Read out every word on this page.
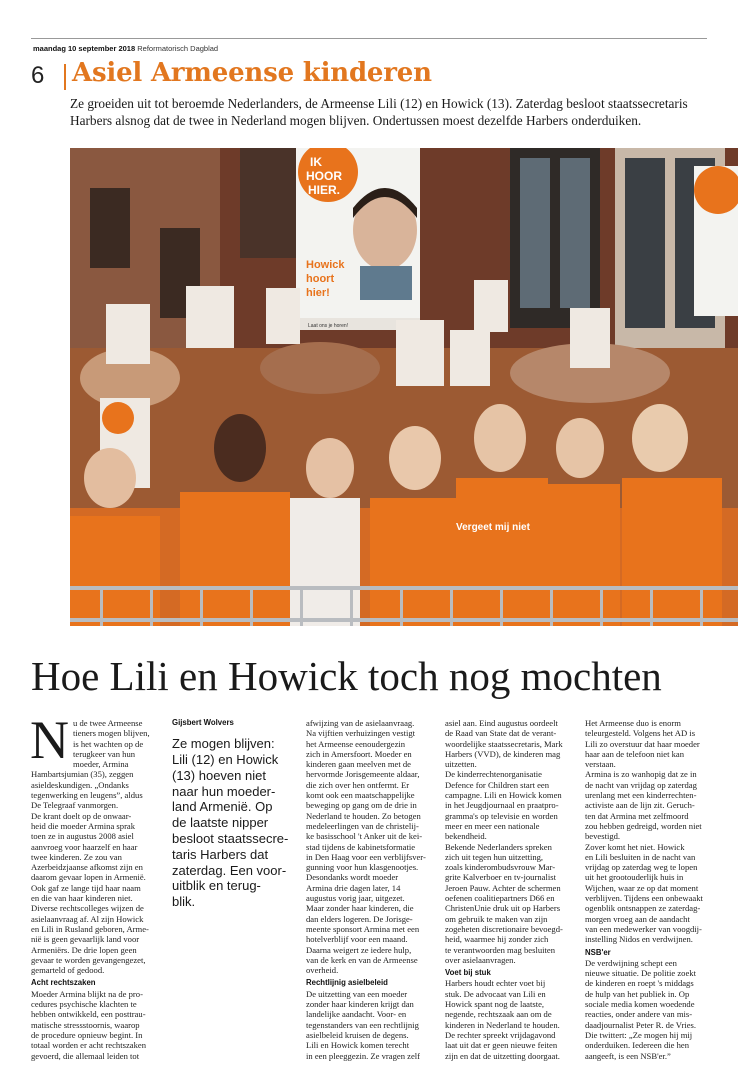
maandag 10 september 2018 Reformatorisch Dagblad
6 Asiel Armeense kinderen
Ze groeiden uit tot beroemde Nederlanders, de Armeense Lili (12) en Howick (13). Zaterdag besloot staatssecretaris Harbers alsnog dat de twee in Nederland mogen blijven. Ondertussen moest dezelfde Harbers onderduiken.
IK
HOOR
HIER.
Howick
hoort
hier!
Laat ons je horen!
Vergeet mij niet
Hoe Lili en Howick toch nog mochten
N u de twee Armeense
tieners mogen blijven,
is het wachten op de
terugkeer van hun
moeder, Armina
Hambartsjumian (35), zeggen
asieldeskundigen. „Ondanks
tegenwerking en leugens”, aldus
De Telegraaf vanmorgen.
De krant doelt op de onwaar-
heid die moeder Armina sprak
toen ze in augustus 2008 asiel
aanvroeg voor haarzelf en haar
twee kinderen. Ze zou van
Azerbeidzjaanse afkomst zijn en
daarom gevaar lopen in Armenië.
Ook gaf ze lange tijd haar naam
en die van haar kinderen niet.
Diverse rechtscolleges wijzen de
asielaanvraag af. Al zijn Howick
en Lili in Rusland geboren, Arme-
nië is geen gevaarlijk land voor
Armeniërs. De drie lopen geen
gevaar te worden gevangengezet,
gemarteld of gedood.
Acht rechtszaken
Moeder Armina blijkt na de pro-
cedures psychische klachten te
hebben ontwikkeld, een posttrau-
matische stressstoornis, waarop
de procedure opnieuw begint. In
totaal worden er acht rechtszaken
gevoerd, die allemaal leiden tot
Gijsbert Wolvers
Ze mogen blijven:
Lili (12) en Howick
(13) hoeven niet
naar hun moeder-
land Armenië. Op
de laatste nipper
besloot staatssecre-
taris Harbers dat
zaterdag. Een voor-
uitblik en terug-
blik.
afwijzing van de asielaanvraag.
Na vijftien verhuizingen vestigt
het Armeense eenoudergezin
zich in Amersfoort. Moeder en
kinderen gaan meelven met de
hervormde Jorisgemeente aldaar,
die zich over hen ontfermt. Er
komt ook een maatschappelijke
beweging op gang om de drie in
Nederland te houden. Zo betogen
medeleerlingen van de christelij-
ke basisschool 't Anker uit de kei-
stad tijdens de kabinetsformatie
in Den Haag voor een verblijfsver-
gunning voor hun klasgenootjes.
Desondanks wordt moeder
Armina drie dagen later, 14
augustus vorig jaar, uitgezet.
Maar zonder haar kinderen, die
dan elders logeren. De Jorisge-
meente sponsort Armina met een
hotelverblijf voor een maand.
Daarna weigert ze iedere hulp,
van de kerk en van de Armeense
overheid.
Rechtlijnig asielbeleid
De uitzetting van een moeder
zonder haar kinderen krijgt dan
landelijke aandacht. Voor- en
tegenstanders van een rechtlijnig
asielbeleid kruisen de degens.
Lili en Howick komen terecht
in een pleeggezin. Ze vragen zelf
asiel aan. Eind augustus oordeelt
de Raad van State dat de verant-
woordelijke staatssecretaris, Mark
Harbers (VVD), de kinderen mag
uitzetten.
De kinderrechtenorganisatie
Defence for Children start een
campagne. Lili en Howick komen
in het Jeugdjournaal en praatpro-
gramma's op televisie en worden
meer en meer een nationale
bekendheid.
Bekende Nederlanders spreken
zich uit tegen hun uitzetting,
zoals kinderombudsvrouw Mar-
grite Kalverboer en tv-journalist
Jeroen Pauw. Achter de schermen
oefenen coalitiepartners D66 en
ChristenUnie druk uit op Harbers
om gebruik te maken van zijn
zogeheten discretionaire bevoegd-
heid, waarmee hij zonder zich
te verantwoorden mag besluiten
over asielaanvragen.
Voet bij stuk
Harbers houdt echter voet bij
stuk. De advocaat van Lili en
Howick spant nog de laatste,
negende, rechtszaak aan om de
kinderen in Nederland te houden.
De rechter spreekt vrijdagavond
laat uit dat er geen nieuwe feiten
zijn en dat de uitzetting doorgaat.
Het Armeense duo is enorm
teleurgesteld. Volgens het AD is
Lili zo overstuur dat haar moeder
haar aan de telefoon niet kan
verstaan.
Armina is zo wanhopig dat ze in
de nacht van vrijdag op zaterdag
urenlang met een kinderrechten-
activiste aan de lijn zit. Geruch-
ten dat Armina met zelfmoord
zou hebben gedreigd, worden niet
bevestigd.
Zover komt het niet. Howick
en Lili besluiten in de nacht van
vrijdag op zaterdag weg te lopen
uit het grootouderlijk huis in
Wijchen, waar ze op dat moment
verblijven. Tijdens een onbewaakt
ogenblik ontsnappen ze zaterdag-
morgen vroeg aan de aandacht
van een medewerker van voogdij-
instelling Nidos en verdwijnen.
NSB'er
De verdwijning schept een
nieuwe situatie. De politie zoekt
de kinderen en roept 's middags
de hulp van het publiek in. Op
sociale media komen woedende
reacties, onder andere van mis-
daadjournalist Peter R. de Vries.
Die twittert: „Ze mogen hij mij
onderduiken. Iedereen die hen
aangeeft, is een NSB'er.”
